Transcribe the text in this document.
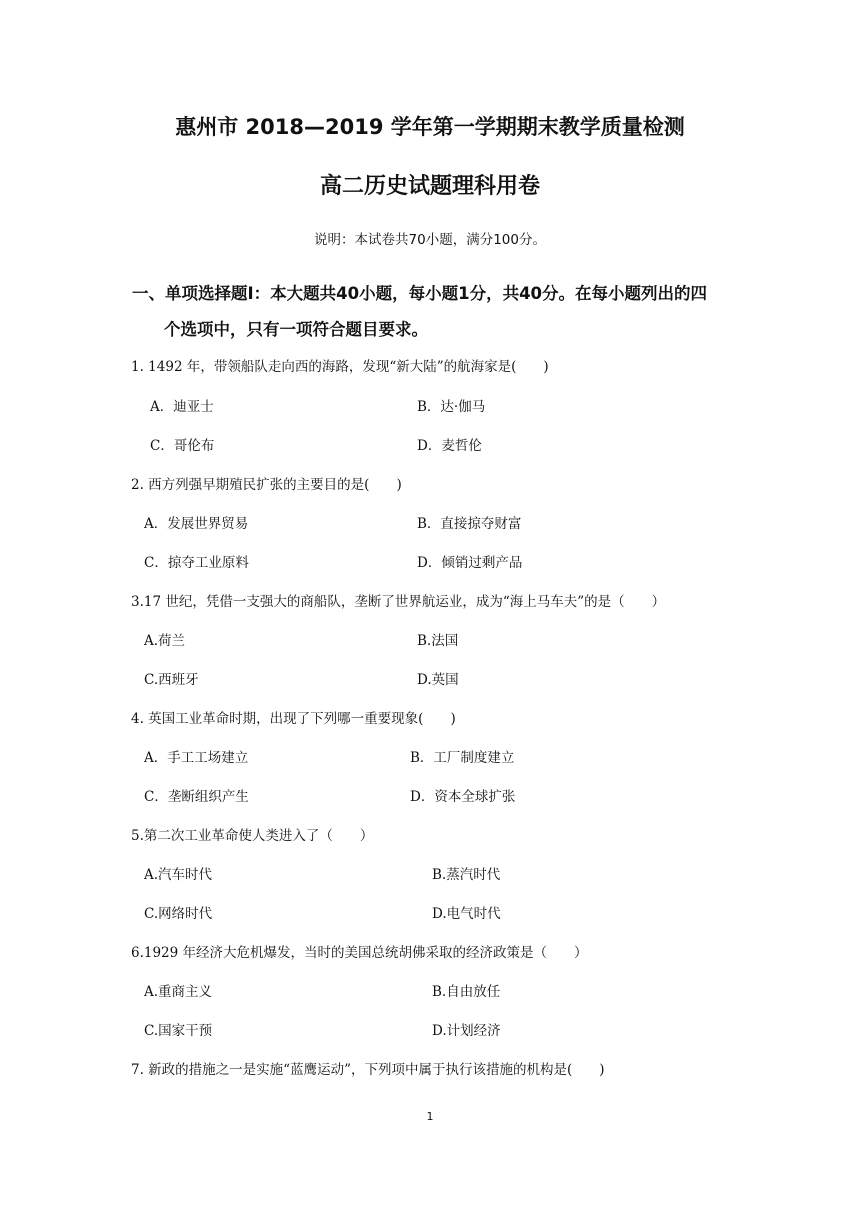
惠州市 2018—2019 学年第一学期期末教学质量检测
高二历史试题理科用卷
说明：本试卷共70小题，满分100分。
一、单项选择题Ⅰ：本大题共40小题，每小题1分，共40分。在每小题列出的四
个选项中，只有一项符合题目要求。
1. 1492 年，带领船队走向西的海路，发现“新大陆”的航海家是(　　)
A．迪亚士	B．达·伽马
C．哥伦布	D．麦哲伦
2. 西方列强早期殖民扩张的主要目的是(　　)
A．发展世界贸易	B．直接掠夺财富
C．掠夺工业原料	D．倾销过剩产品
3.17 世纪，凭借一支强大的商船队，垄断了世界航运业，成为“海上马车夫”的是（　　）
A.荷兰	B.法国
C.西班牙	D.英国
4. 英国工业革命时期，出现了下列哪一重要现象(　　)
A．手工工场建立	B．工厂制度建立
C．垄断组织产生	D．资本全球扩张
5.第二次工业革命使人类进入了（　　）
A.汽车时代	B.蒸汽时代
C.网络时代	D.电气时代
6.1929 年经济大危机爆发，当时的美国总统胡佛采取的经济政策是（　　）
A.重商主义	B.自由放任
C.国家干预	D.计划经济
7. 新政的措施之一是实施“蓝鹰运动”，下列项中属于执行该措施的机构是(　　)
1
